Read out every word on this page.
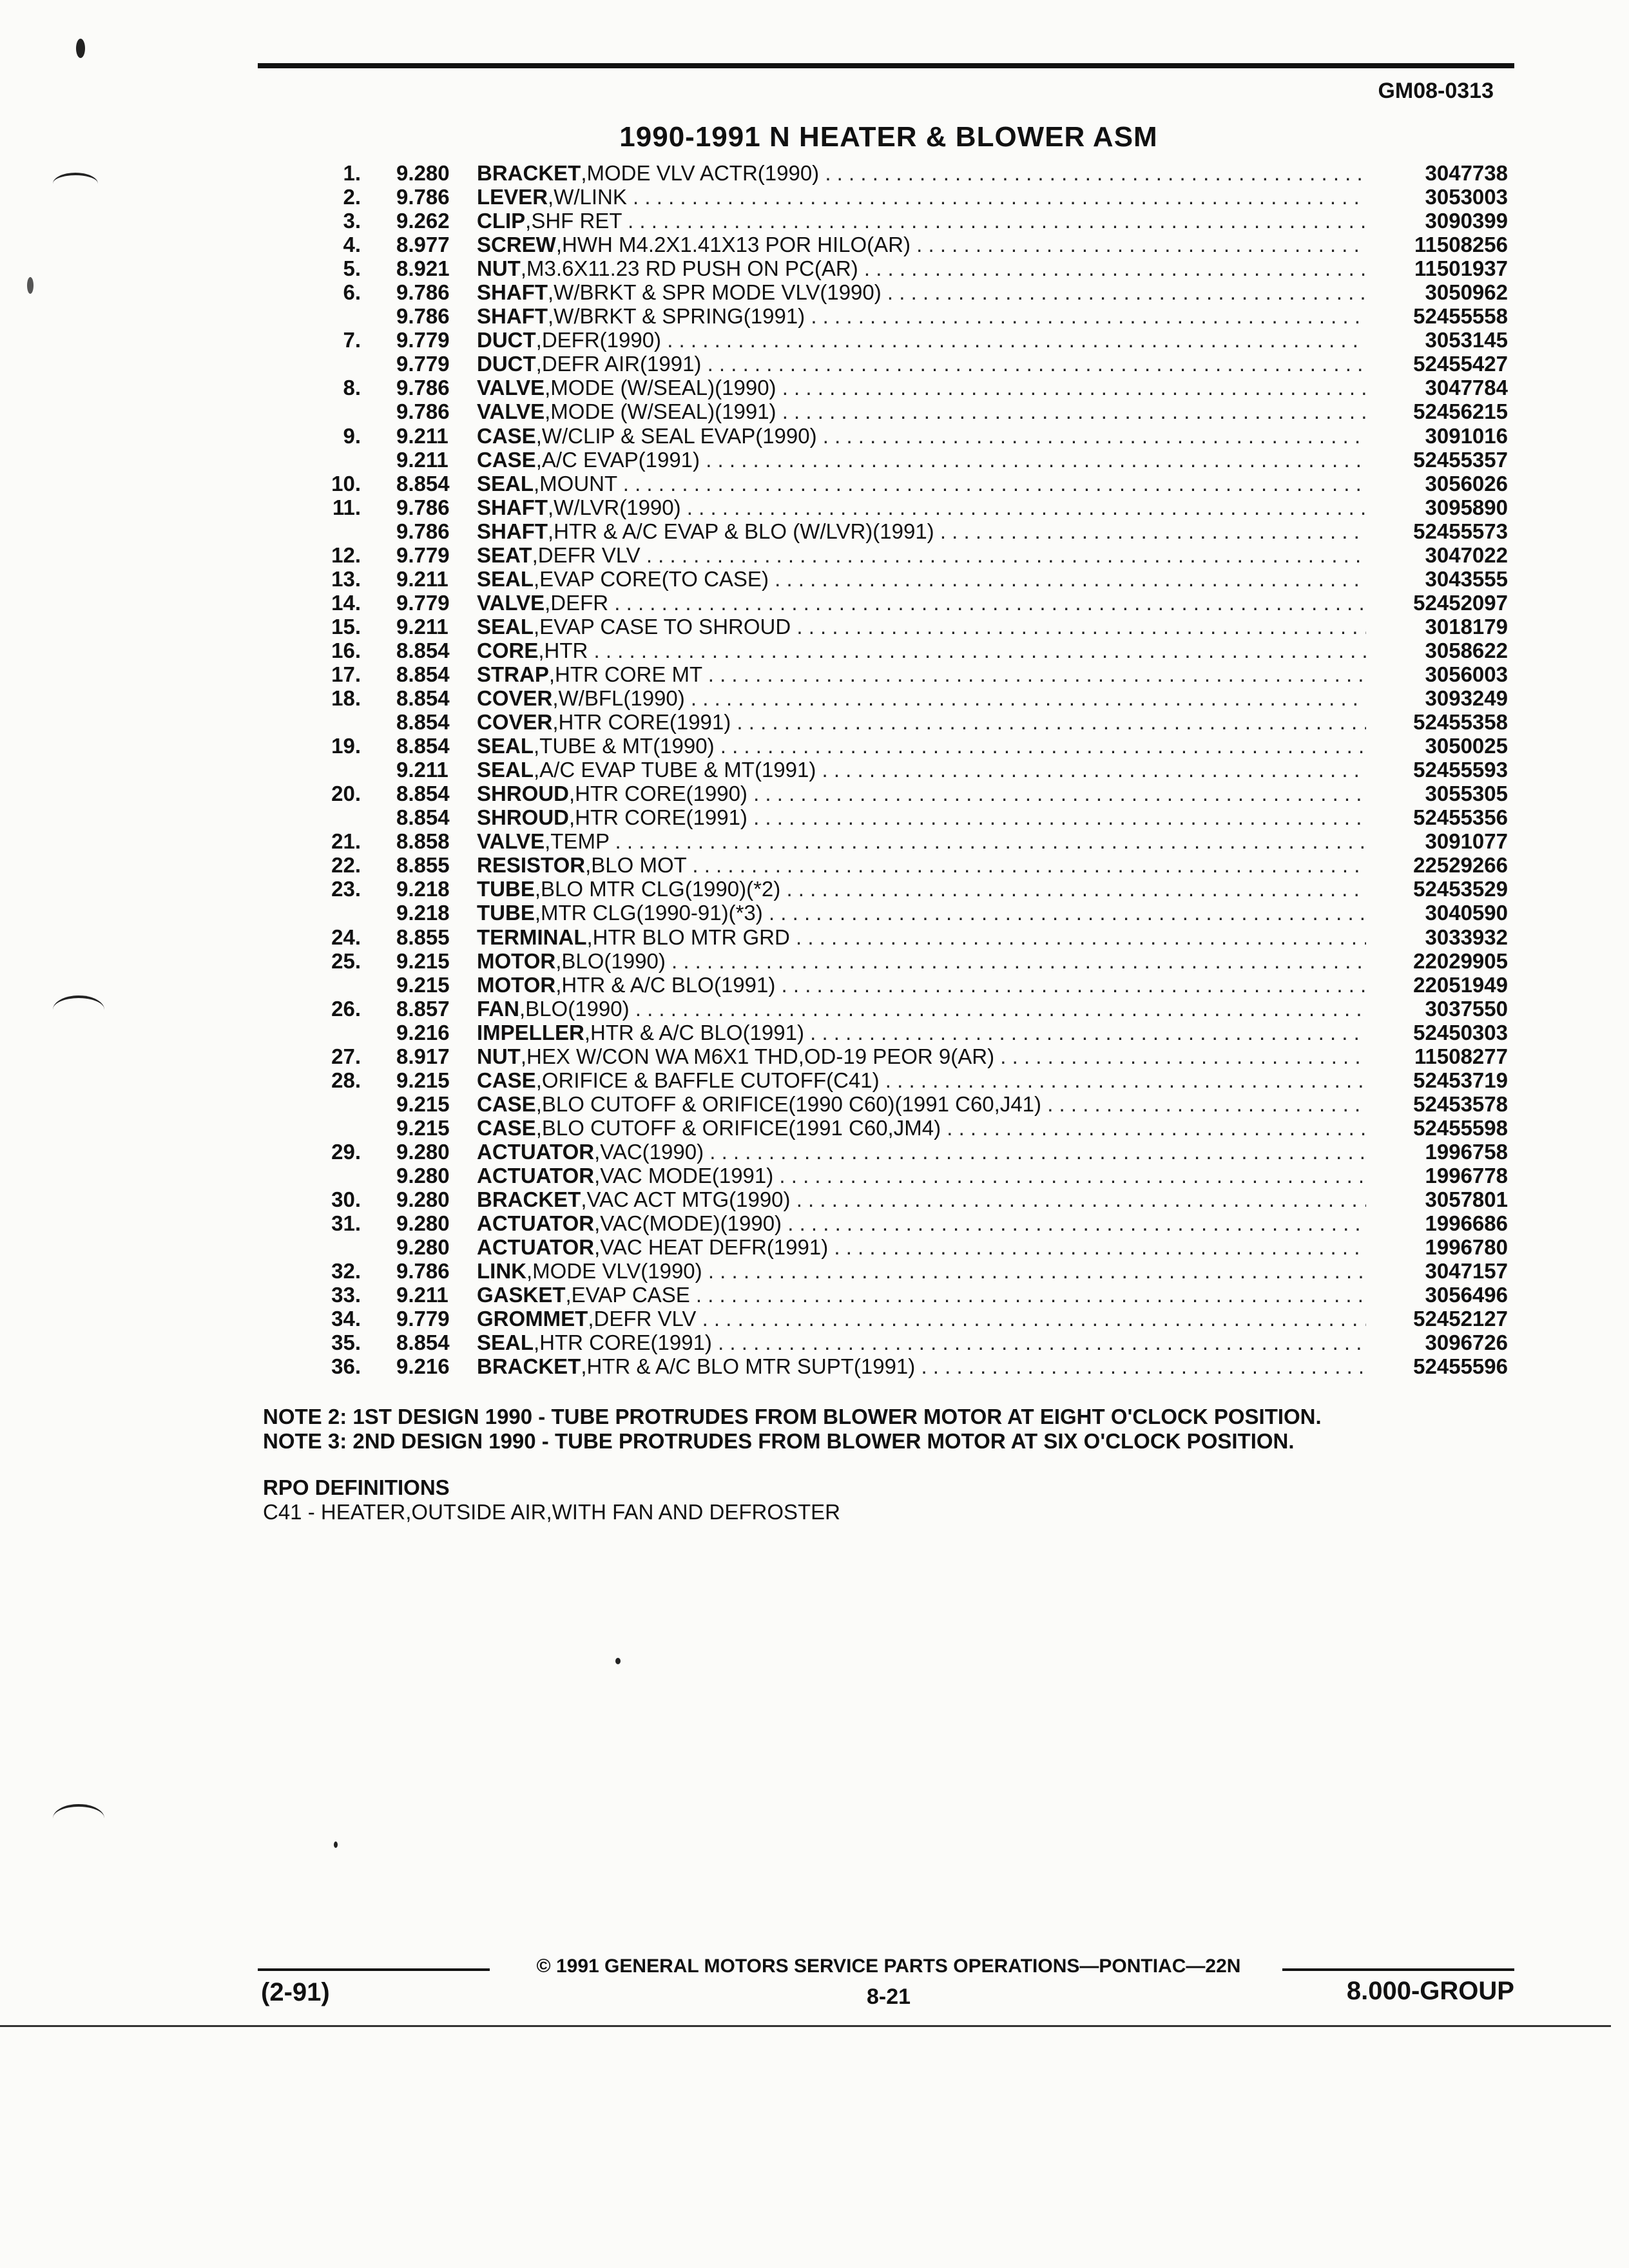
GM08-0313
1990-1991 N HEATER & BLOWER ASM
1. 9.280 BRACKET,MODE VLV ACTR(1990) . . .	3047738
2. 9.786 LEVER,W/LINK . . .	3053003
3. 9.262 CLIP,SHF RET . . .	3090399
4. 8.977 SCREW,HWH M4.2X1.41X13 POR HILO(AR) . . .	11508256
5. 8.921 NUT,M3.6X11.23 RD PUSH ON PC(AR) . . .	11501937
6. 9.786 SHAFT,W/BRKT & SPR MODE VLV(1990) . . .	3050962
9.786 SHAFT,W/BRKT & SPRING(1991) . . .	52455558
7. 9.779 DUCT,DEFR(1990) . . .	3053145
9.779 DUCT,DEFR AIR(1991) . . .	52455427
8. 9.786 VALVE,MODE (W/SEAL)(1990) . . .	3047784
9.786 VALVE,MODE (W/SEAL)(1991) . . .	52456215
9. 9.211 CASE,W/CLIP & SEAL EVAP(1990) . . .	3091016
9.211 CASE,A/C EVAP(1991) . . .	52455357
10. 8.854 SEAL,MOUNT . . .	3056026
11. 9.786 SHAFT,W/LVR(1990) . . .	3095890
9.786 SHAFT,HTR & A/C EVAP & BLO (W/LVR)(1991) . . .	52455573
12. 9.779 SEAT,DEFR VLV . . .	3047022
13. 9.211 SEAL,EVAP CORE(TO CASE) . . .	3043555
14. 9.779 VALVE,DEFR . . .	52452097
15. 9.211 SEAL,EVAP CASE TO SHROUD . . .	3018179
16. 8.854 CORE,HTR . . .	3058622
17. 8.854 STRAP,HTR CORE MT . . .	3056003
18. 8.854 COVER,W/BFL(1990) . . .	3093249
8.854 COVER,HTR CORE(1991) . . .	52455358
19. 8.854 SEAL,TUBE & MT(1990) . . .	3050025
9.211 SEAL,A/C EVAP TUBE & MT(1991) . . .	52455593
20. 8.854 SHROUD,HTR CORE(1990) . . .	3055305
8.854 SHROUD,HTR CORE(1991) . . .	52455356
21. 8.858 VALVE,TEMP . . .	3091077
22. 8.855 RESISTOR,BLO MOT . . .	22529266
23. 9.218 TUBE,BLO MTR CLG(1990)(*2) . . .	52453529
9.218 TUBE,MTR CLG(1990-91)(*3) . . .	3040590
24. 8.855 TERMINAL,HTR BLO MTR GRD . . .	3033932
25. 9.215 MOTOR,BLO(1990) . . .	22029905
9.215 MOTOR,HTR & A/C BLO(1991) . . .	22051949
26. 8.857 FAN,BLO(1990) . . .	3037550
9.216 IMPELLER,HTR & A/C BLO(1991) . . .	52450303
27. 8.917 NUT,HEX W/CON WA M6X1 THD,OD-19 PEOR 9(AR) . . .	11508277
28. 9.215 CASE,ORIFICE & BAFFLE CUTOFF(C41) . . .	52453719
9.215 CASE,BLO CUTOFF & ORIFICE(1990 C60)(1991 C60,J41) . . .	52453578
9.215 CASE,BLO CUTOFF & ORIFICE(1991 C60,JM4) . . .	52455598
29. 9.280 ACTUATOR,VAC(1990) . . .	1996758
9.280 ACTUATOR,VAC MODE(1991) . . .	1996778
30. 9.280 BRACKET,VAC ACT MTG(1990) . . .	3057801
31. 9.280 ACTUATOR,VAC(MODE)(1990) . . .	1996686
9.280 ACTUATOR,VAC HEAT DEFR(1991) . . .	1996780
32. 9.786 LINK,MODE VLV(1990) . . .	3047157
33. 9.211 GASKET,EVAP CASE . . .	3056496
34. 9.779 GROMMET,DEFR VLV . . .	52452127
35. 8.854 SEAL,HTR CORE(1991) . . .	3096726
36. 9.216 BRACKET,HTR & A/C BLO MTR SUPT(1991) . . .	52455596
NOTE 2: 1ST DESIGN 1990 - TUBE PROTRUDES FROM BLOWER MOTOR AT EIGHT O'CLOCK POSITION.
NOTE 3: 2ND DESIGN 1990 - TUBE PROTRUDES FROM BLOWER MOTOR AT SIX O'CLOCK POSITION.
RPO DEFINITIONS
C41 - HEATER,OUTSIDE AIR,WITH FAN AND DEFROSTER
© 1991 GENERAL MOTORS SERVICE PARTS OPERATIONS—PONTIAC—22N
(2-91)	8-21	8.000-GROUP
